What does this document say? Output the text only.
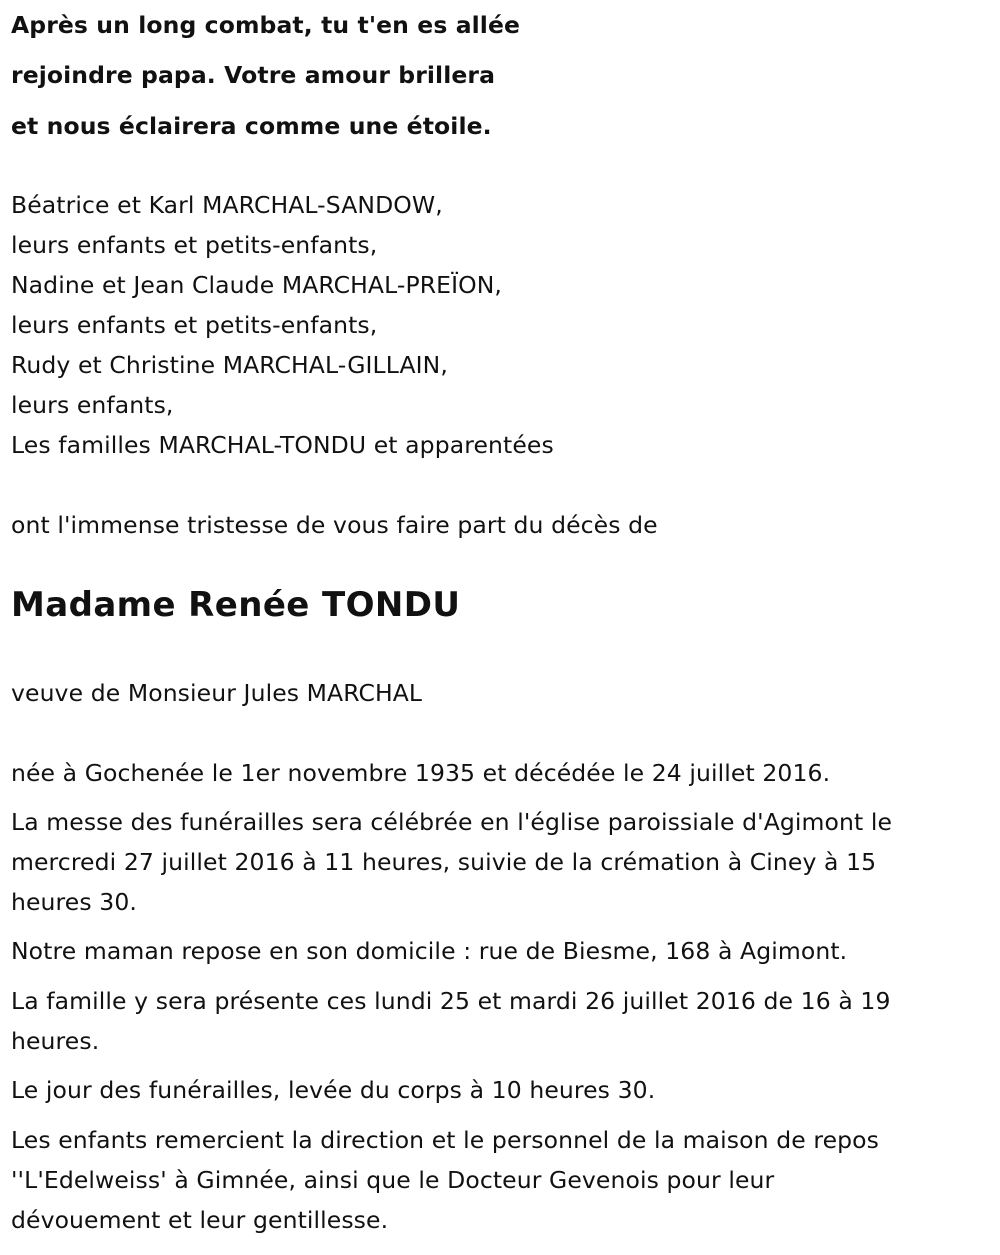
Après un long combat, tu t'en es allée
rejoindre papa. Votre amour brillera
et nous éclairera comme une étoile.
Béatrice et Karl MARCHAL-SANDOW,
leurs enfants et petits-enfants,
Nadine et Jean Claude MARCHAL-PREÏON,
leurs enfants et petits-enfants,
Rudy et Christine MARCHAL-GILLAIN,
leurs enfants,
Les familles MARCHAL-TONDU et apparentées
ont l'immense tristesse de vous faire part du décès de
Madame Renée TONDU
veuve de Monsieur Jules MARCHAL
née à Gochenée le 1er novembre 1935 et décédée le 24 juillet 2016.
La messe des funérailles sera célébrée en l'église paroissiale d'Agimont le
mercredi 27 juillet 2016 à 11 heures, suivie de la crémation à Ciney à 15
heures 30.
Notre maman repose en son domicile : rue de Biesme, 168 à Agimont.
La famille y sera présente ces lundi 25 et mardi 26 juillet 2016 de 16 à 19
heures.
Le jour des funérailles, levée du corps à 10 heures 30.
Les enfants remercient la direction et le personnel de la maison de repos
''L'Edelweiss' à Gimnée, ainsi que le Docteur Gevenois pour leur
dévouement et leur gentillesse.
